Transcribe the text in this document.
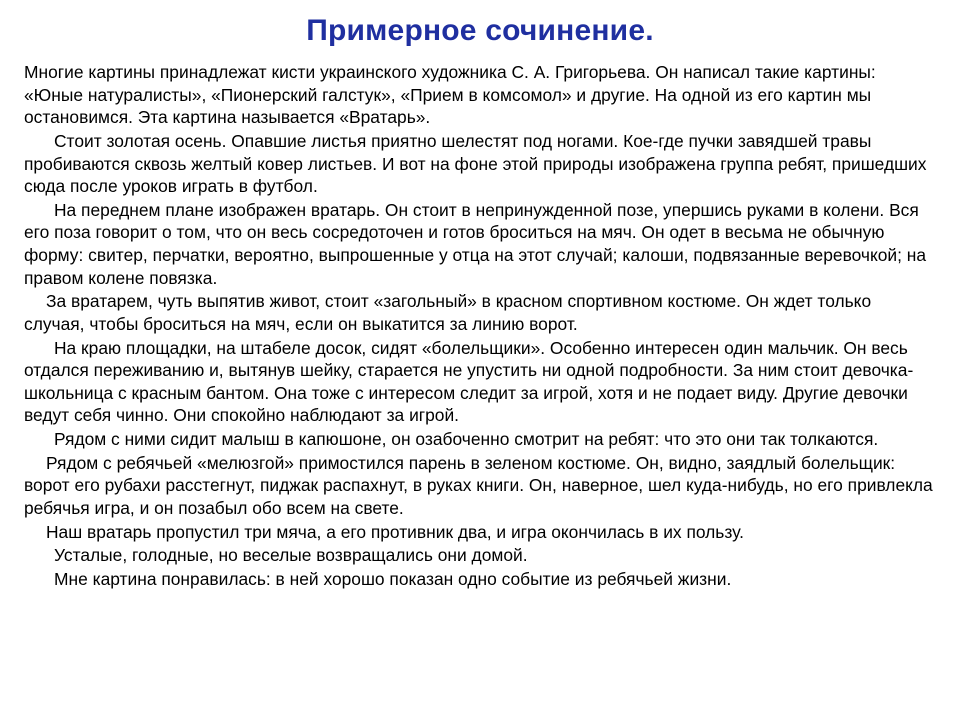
Примерное сочинение.

Многие картины принадлежат кисти украинского художника С. А. Григорьева. Он написал такие картины: «Юные натуралисты», «Пионерский галстук», «Прием в комсомол» и другие. На одной из его картин мы остановимся. Эта картина называется «Вратарь».

Стоит золотая осень. Опавшие листья приятно шелестят под ногами. Кое-где пучки завядшей травы пробиваются сквозь желтый ковер листьев. И вот на фоне этой природы изображена группа ребят, пришедших сюда после уроков играть в футбол.

На переднем плане изображен вратарь. Он стоит в непринужденной позе, упершись руками в колени. Вся его поза говорит о том, что он весь сосредоточен и готов броситься на мяч. Он одет в весьма не обычную форму: свитер, перчатки, вероятно, выпрошенные у отца на этот случай; калоши, подвязанные веревочкой; на правом колене повязка.

За вратарем, чуть выпятив живот, стоит «загольный» в красном спортивном костюме. Он ждет только случая, чтобы броситься на мяч, если он выкатится за линию ворот.

На краю площадки, на штабеле досок, сидят «болельщики». Особенно интересен один мальчик. Он весь отдался переживанию и, вытянув шейку, старается не упустить ни одной подробности. За ним стоит девочка-школьница с красным бантом. Она тоже с интересом следит за игрой, хотя и не подает виду. Другие девочки ведут себя чинно. Они спокойно наблюдают за игрой.

Рядом с ними сидит малыш в капюшоне, он озабоченно смотрит на ребят: что это они так толкаются.

Рядом с ребячьей «мелюзгой» примостился парень в зеленом костюме. Он, видно, заядлый болельщик: ворот его рубахи расстегнут, пиджак распахнут, в руках книги. Он, наверное, шел куда-нибудь, но его привлекла ребячья игра, и он позабыл обо всем на свете.

Наш вратарь пропустил три мяча, а его противник два, и игра окончилась в их пользу.

Усталые, голодные, но веселые возвращались они домой.

Мне картина понравилась: в ней хорошо показан одно событие из ребячьей жизни.
